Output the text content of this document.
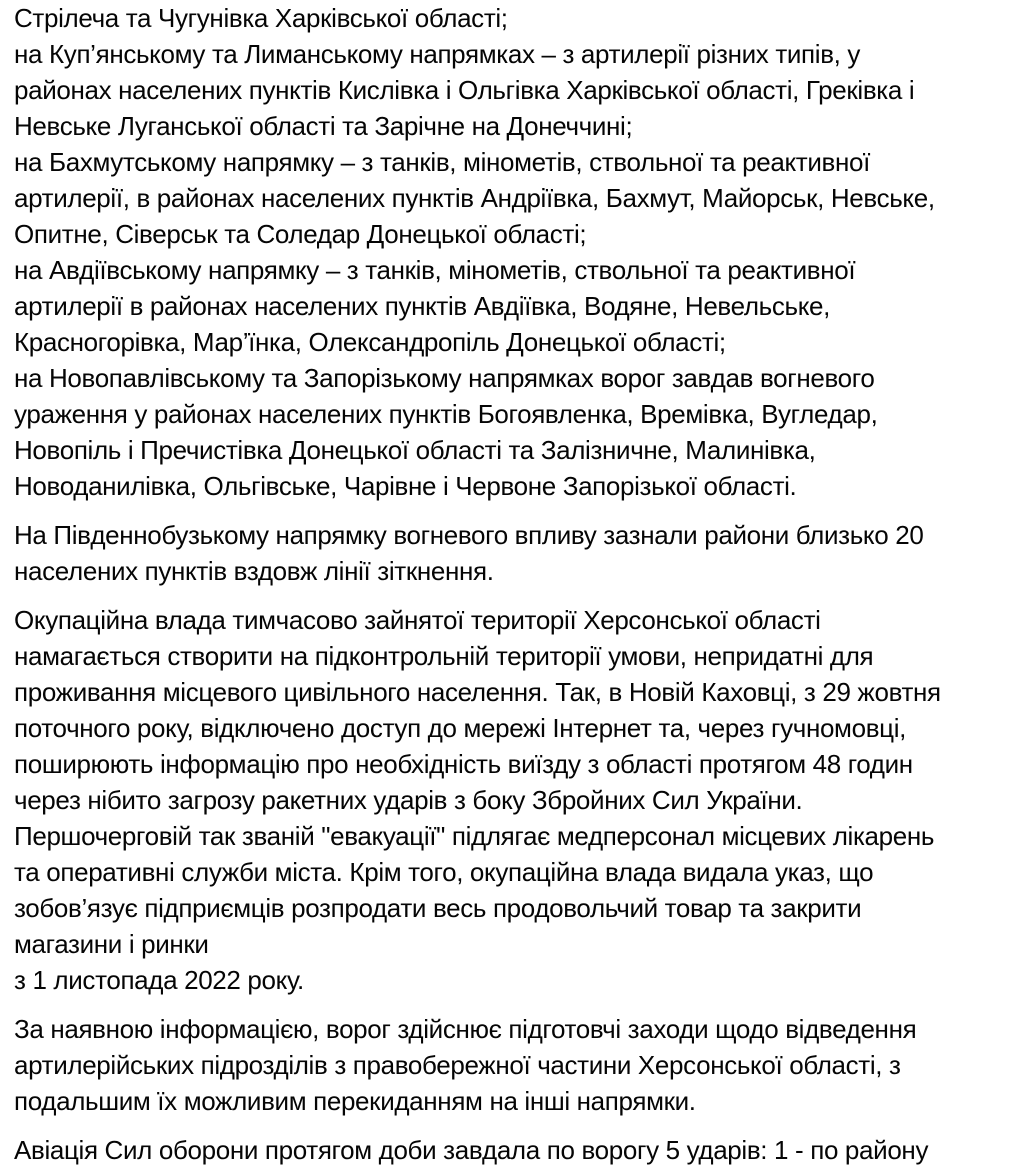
Стрілеча та Чугунівка Харківської області;
на Куп’янському та Лиманському напрямках – з артилерії різних типів, у
районах населених пунктів Кислівка і Ольгівка Харківської області, Греківка і
Невське Луганської області та Зарічне на Донеччині;
на Бахмутському напрямку – з танків, мінометів, ствольної та реактивної
артилерії, в районах населених пунктів Андріївка, Бахмут, Майорськ, Невське,
Опитне, Сіверськ та Соледар Донецької області;
на Авдіївському напрямку – з танків, мінометів, ствольної та реактивної
артилерії в районах населених пунктів Авдіївка, Водяне, Невельське,
Красногорівка, Мар’їнка, Олександропіль Донецької області;
на Новопавлівському та Запорізькому напрямках ворог завдав вогневого
ураження у районах населених пунктів Богоявленка, Времівка, Вугледар,
Новопіль і Пречистівка Донецької області та Залізничне, Малинівка,
Новоданилівка, Ольгівське, Чарівне і Червоне Запорізької області.
На Південнобузькому напрямку вогневого впливу зазнали райони близько 20
населених пунктів вздовж лінії зіткнення.
Окупаційна влада тимчасово зайнятої території Херсонської області
намагається створити на підконтрольній території умови, непридатні для
проживання місцевого цивільного населення. Так, в Новій Каховці, з 29 жовтня
поточного року, відключено доступ до мережі Інтернет та, через гучномовці,
поширюють інформацію про необхідність виїзду з області протягом 48 годин
через нібито загрозу ракетних ударів з боку Збройних Сил України.
Першочерговій так званій "евакуації" підлягає медперсонал місцевих лікарень
та оперативні служби міста. Крім того, окупаційна влада видала указ, що
зобов’язує підприємців розпродати весь продовольчий товар та закрити
магазини і ринки
з 1 листопада 2022 року.
За наявною інформацією, ворог здійснює підготовчі заходи щодо відведення
артилерійських підрозділів з правобережної частини Херсонської області, з
подальшим їх можливим перекиданням на інші напрямки.
Авіація Сил оборони протягом доби завдала по ворогу 5 ударів: 1 - по району
